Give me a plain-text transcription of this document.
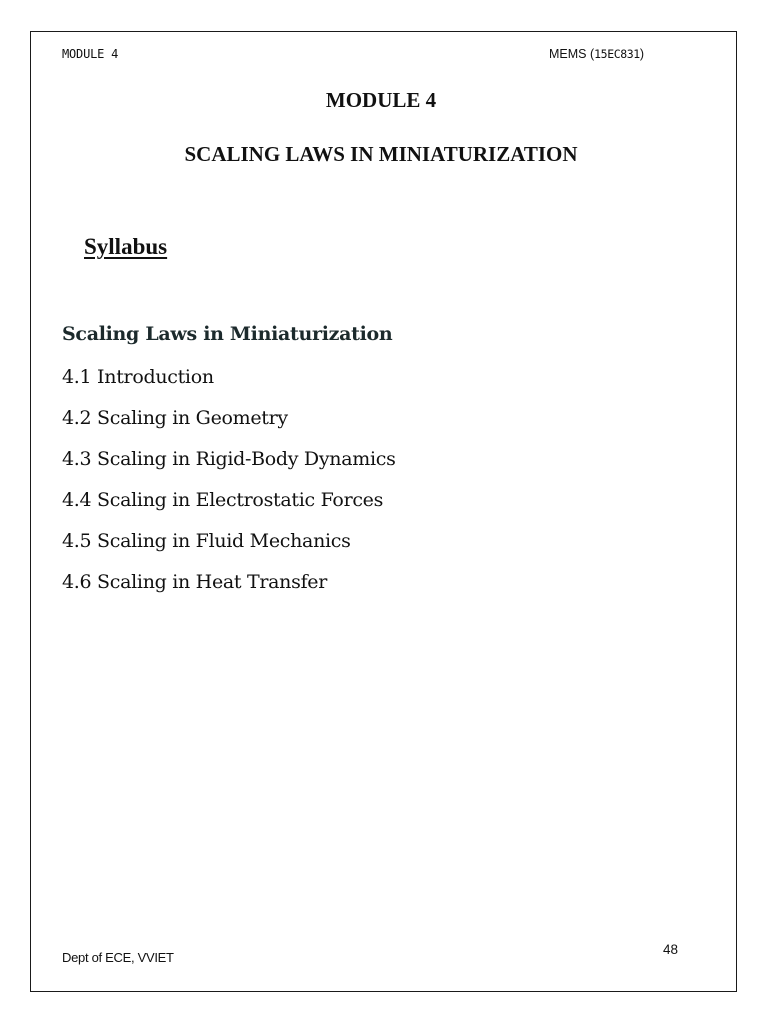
MODULE 4	MEMS (15EC831)
MODULE 4
SCALING LAWS IN MINIATURIZATION
Syllabus
Scaling Laws in Miniaturization
4.1 Introduction
4.2 Scaling in Geometry
4.3 Scaling in Rigid-Body Dynamics
4.4 Scaling in Electrostatic Forces
4.5 Scaling in Fluid Mechanics
4.6 Scaling in Heat Transfer
Dept of ECE, VVIET
48
